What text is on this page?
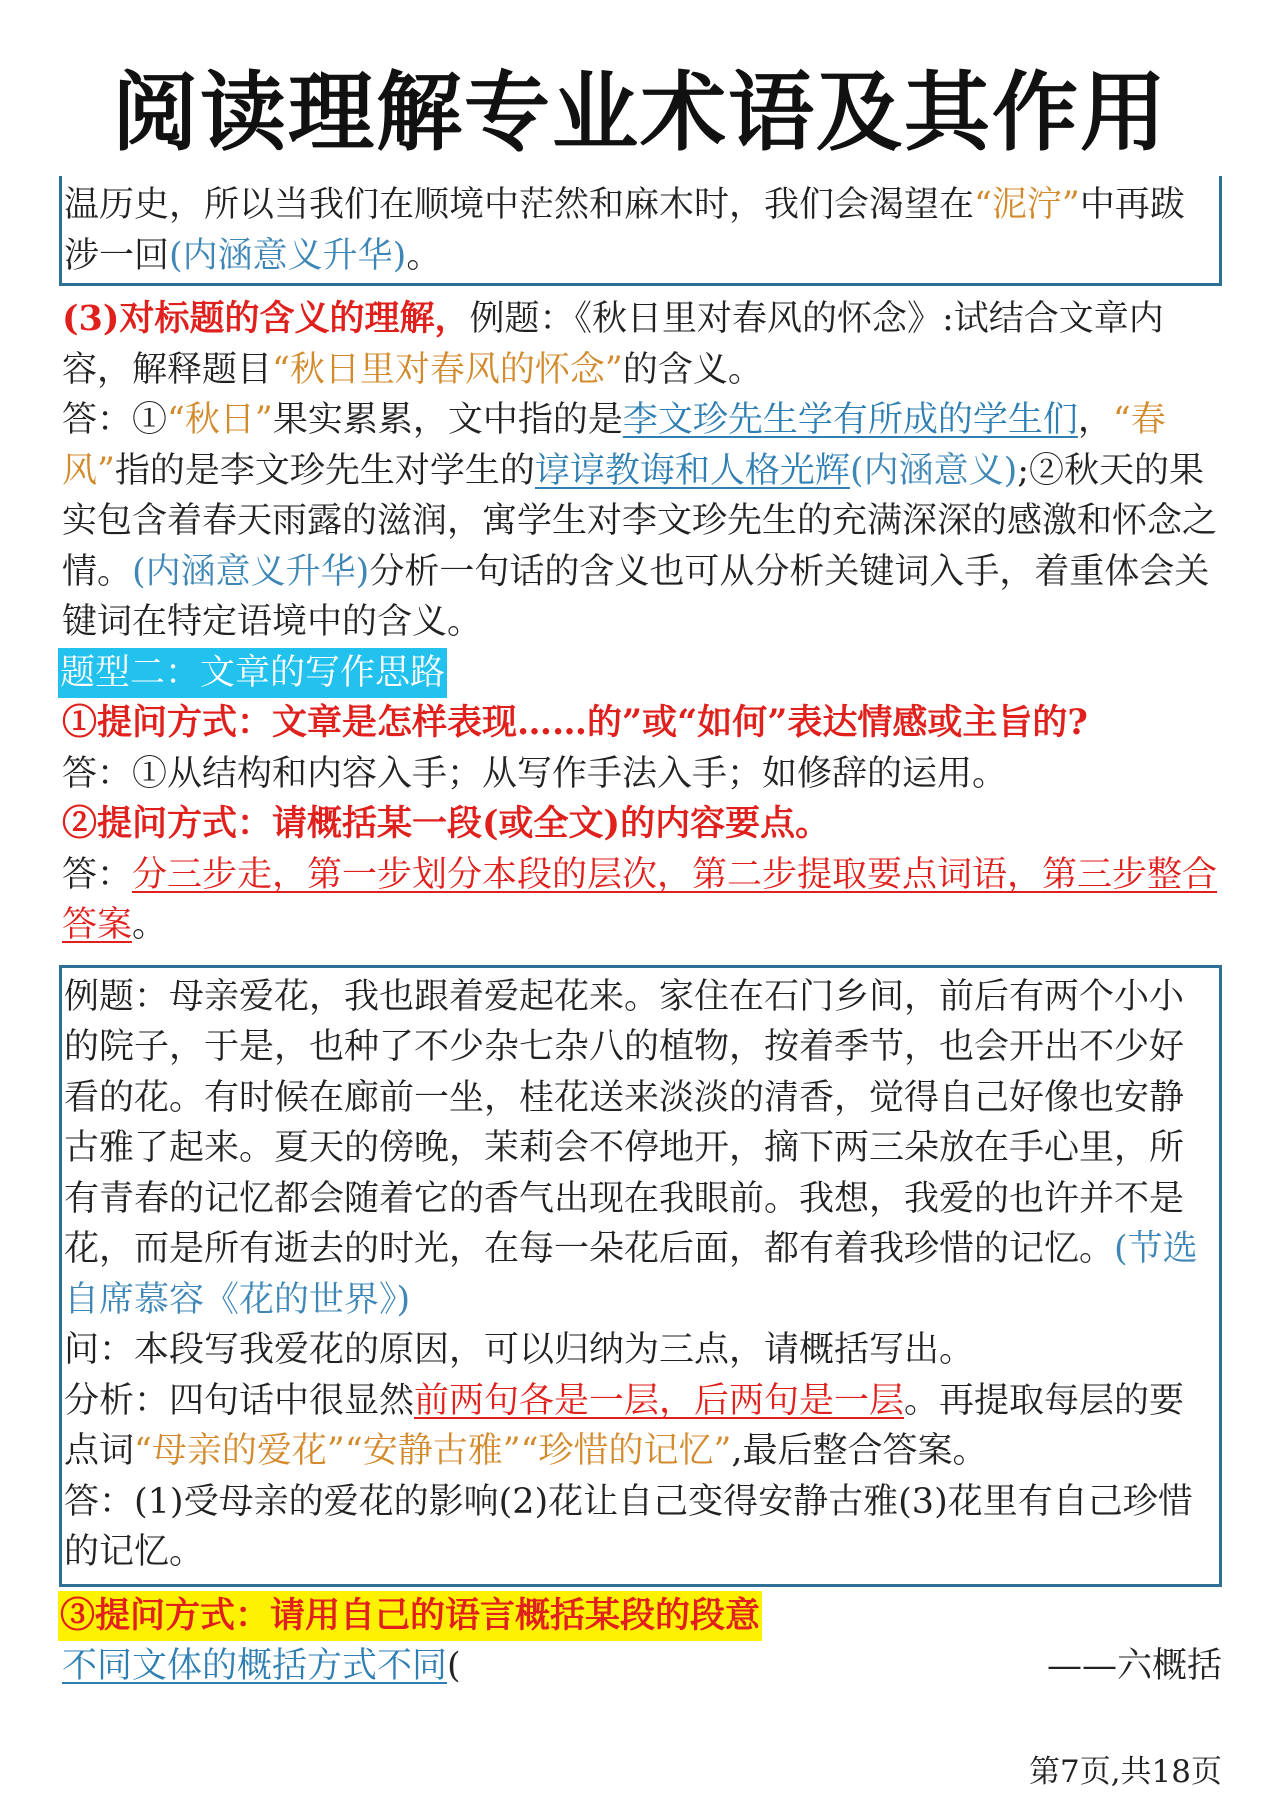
阅读理解专业术语及其作用

温历史，所以当我们在顺境中茫然和麻木时，我们会渴望在“泥泞”中再跋涉一回(内涵意义升华)。

(3)对标题的含义的理解，例题：《秋日里对春风的怀念》:试结合文章内容，解释题目“秋日里对春风的怀念”的含义。

答：①“秋日”果实累累，文中指的是李文珍先生学有所成的学生们，“春风”指的是李文珍先生对学生的谆谆教诲和人格光辉(内涵意义);②秋天的果实包含着春天雨露的滋润，寓学生对李文珍先生的充满深深的感激和怀念之情。(内涵意义升华)分析一句话的含义也可从分析关键词入手，着重体会关键词在特定语境中的含义。

题型二：文章的写作思路

①提问方式：文章是怎样表现……的”或“如何”表达情感或主旨的?

答：①从结构和内容入手；从写作手法入手；如修辞的运用。

②提问方式：请概括某一段(或全文)的内容要点。

答：分三步走，第一步划分本段的层次，第二步提取要点词语，第三步整合答案。

例题：母亲爱花，我也跟着爱起花来。家住在石门乡间，前后有两个小小的院子，于是，也种了不少杂七杂八的植物，按着季节，也会开出不少好看的花。有时候在廊前一坐，桂花送来淡淡的清香，觉得自己好像也安静古雅了起来。夏天的傍晚，茉莉会不停地开，摘下两三朵放在手心里，所有青春的记忆都会随着它的香气出现在我眼前。我想，我爱的也许并不是花，而是所有逝去的时光，在每一朵花后面，都有着我珍惜的记忆。(节选自席慕容《花的世界》)

问：本段写我爱花的原因，可以归纳为三点，请概括写出。

分析：四句话中很显然前两句各是一层，后两句是一层。再提取每层的要点词“母亲的爱花”“安静古雅”“珍惜的记忆”,最后整合答案。

答：(1)受母亲的爱花的影响(2)花让自己变得安静古雅(3)花里有自己珍惜的记忆。

③提问方式：请用自己的语言概括某段的段意

不同文体的概括方式不同(	——六概括
第7页,共18页
